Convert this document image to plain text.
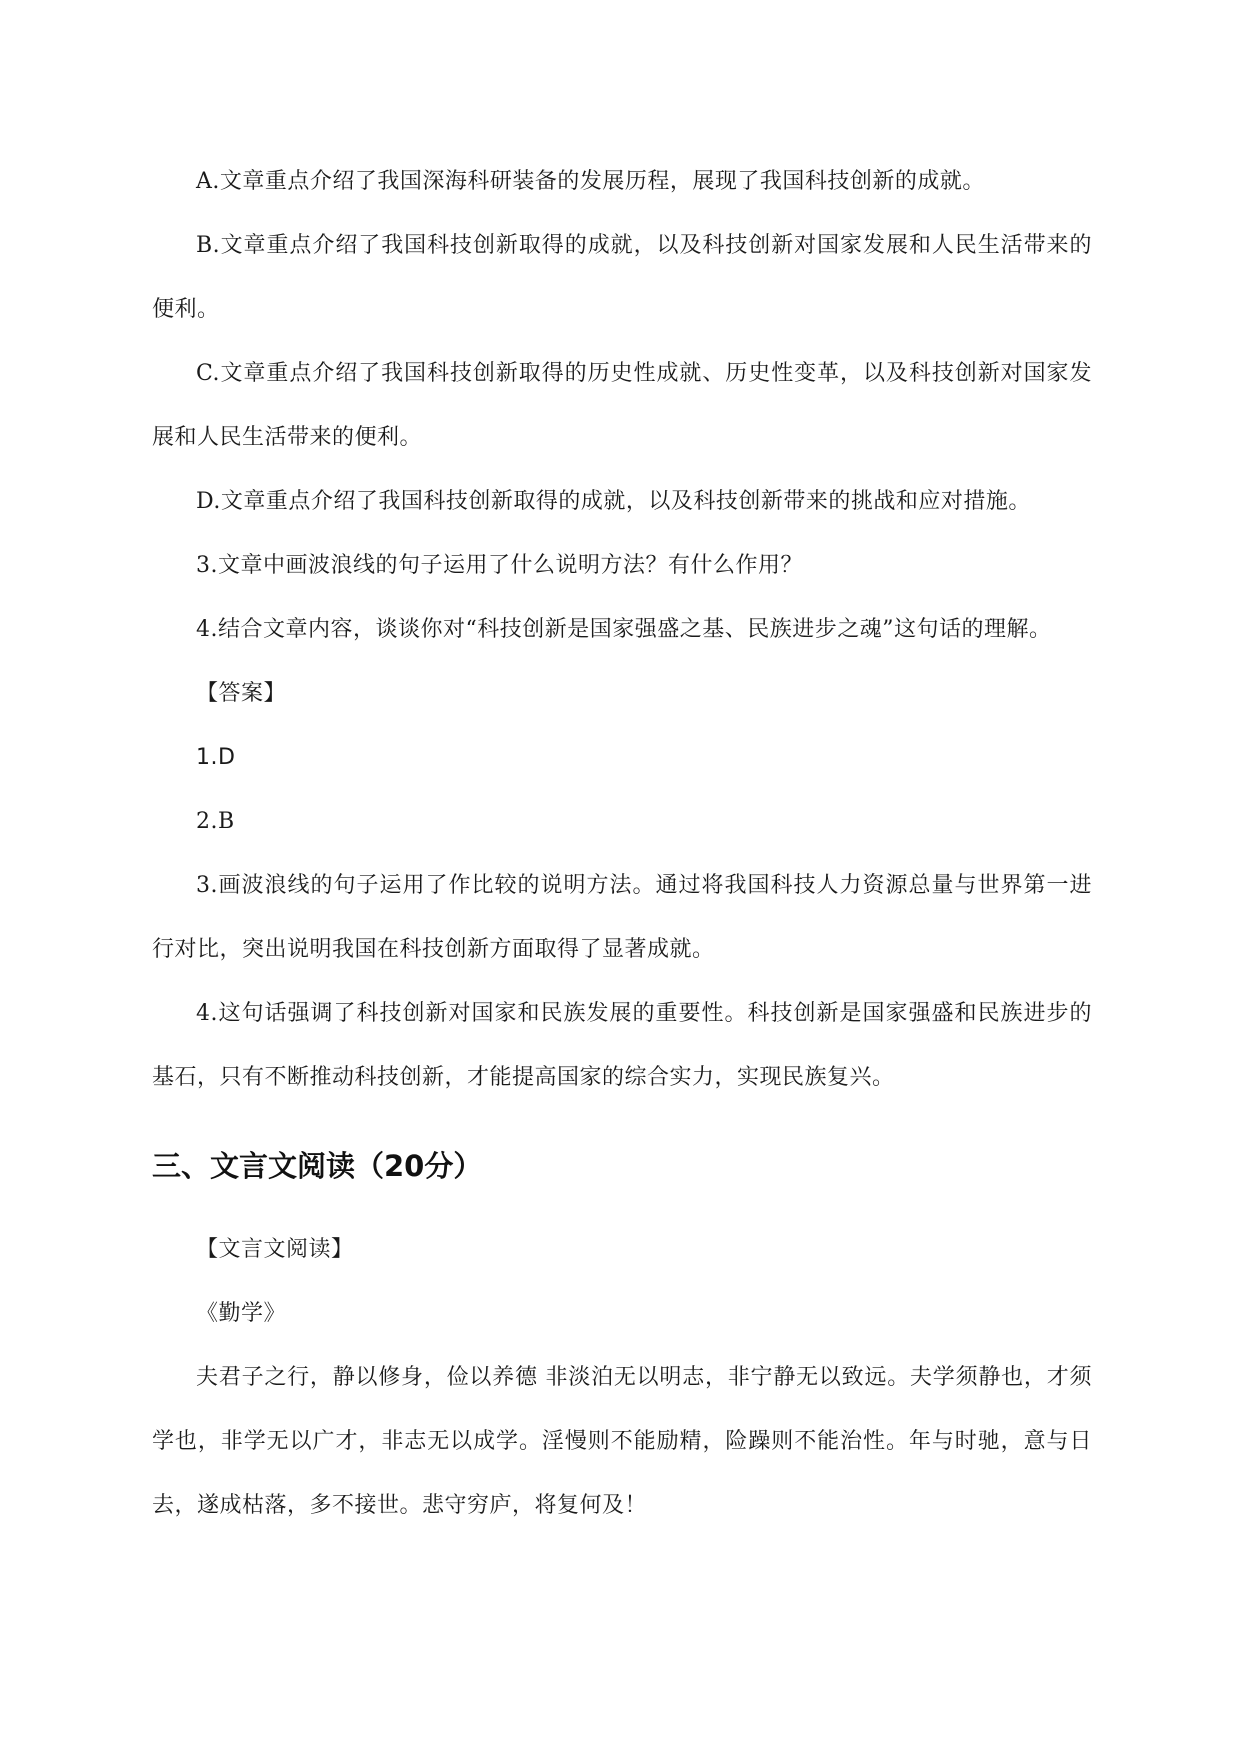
A.文章重点介绍了我国深海科研装备的发展历程，展现了我国科技创新的成就。

B.文章重点介绍了我国科技创新取得的成就，以及科技创新对国家发展和人民生活带来的便利。

C.文章重点介绍了我国科技创新取得的历史性成就、历史性变革，以及科技创新对国家发展和人民生活带来的便利。

D.文章重点介绍了我国科技创新取得的成就，以及科技创新带来的挑战和应对措施。

3.文章中画波浪线的句子运用了什么说明方法？有什么作用？

4.结合文章内容，谈谈你对“科技创新是国家强盛之基、民族进步之魂”这句话的理解。

【答案】

1.D

2.B

3.画波浪线的句子运用了作比较的说明方法。通过将我国科技人力资源总量与世界第一进行对比，突出说明我国在科技创新方面取得了显著成就。

4.这句话强调了科技创新对国家和民族发展的重要性。科技创新是国家强盛和民族进步的基石，只有不断推动科技创新，才能提高国家的综合实力，实现民族复兴。

三、文言文阅读（20分）

【文言文阅读】

《勤学》

夫君子之行，静以修身，俭以养德 非淡泊无以明志，非宁静无以致远。夫学须静也，才须学也，非学无以广才，非志无以成学。淫慢则不能励精，险躁则不能治性。年与时驰，意与日去，遂成枯落，多不接世。悲守穷庐，将复何及！
